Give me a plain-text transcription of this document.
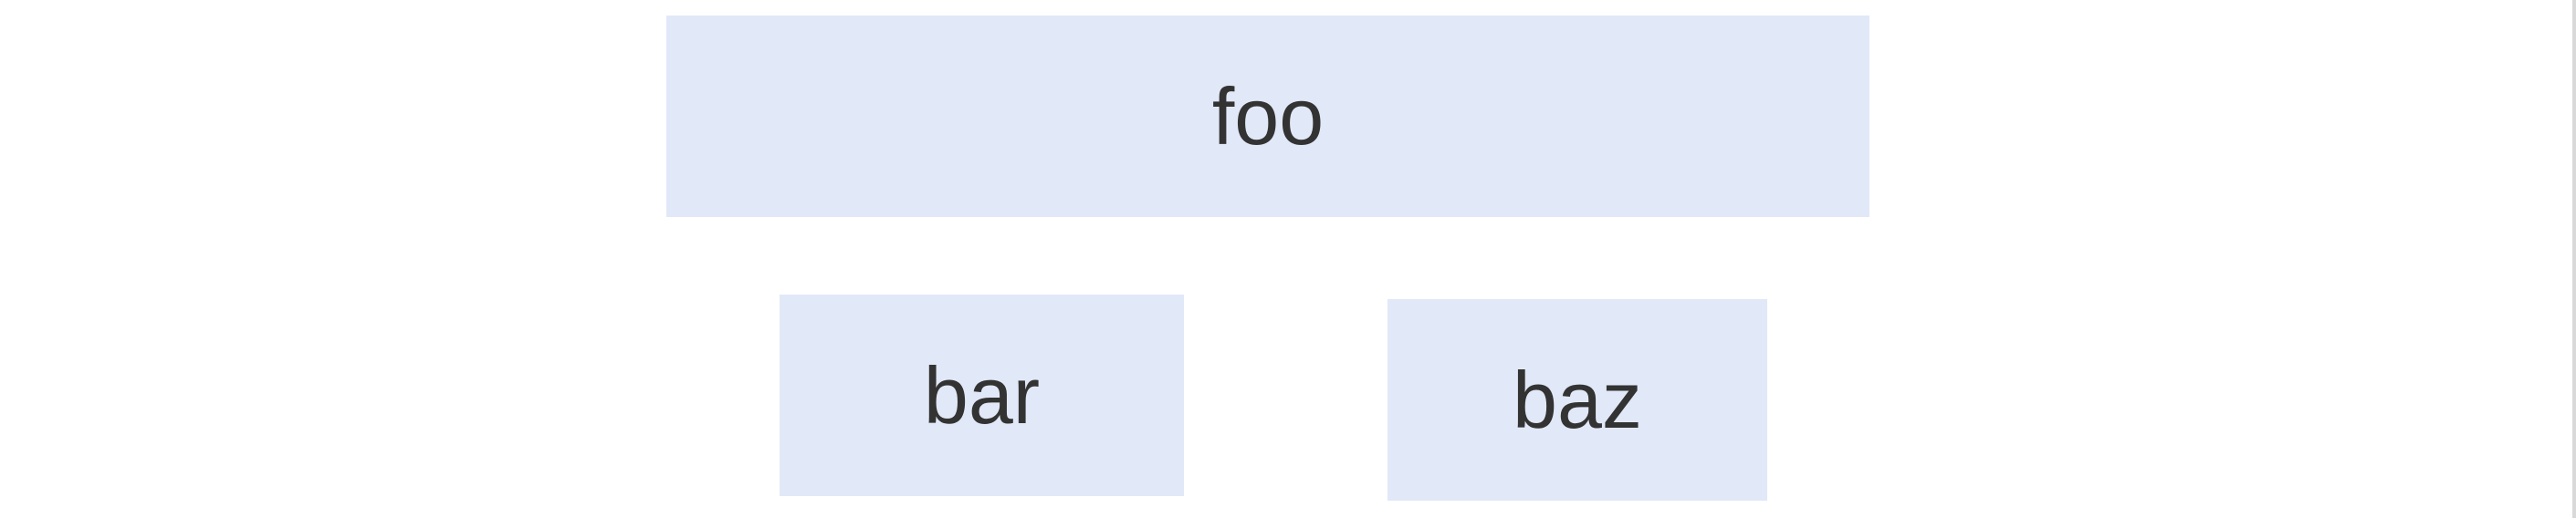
foo
bar	baz
